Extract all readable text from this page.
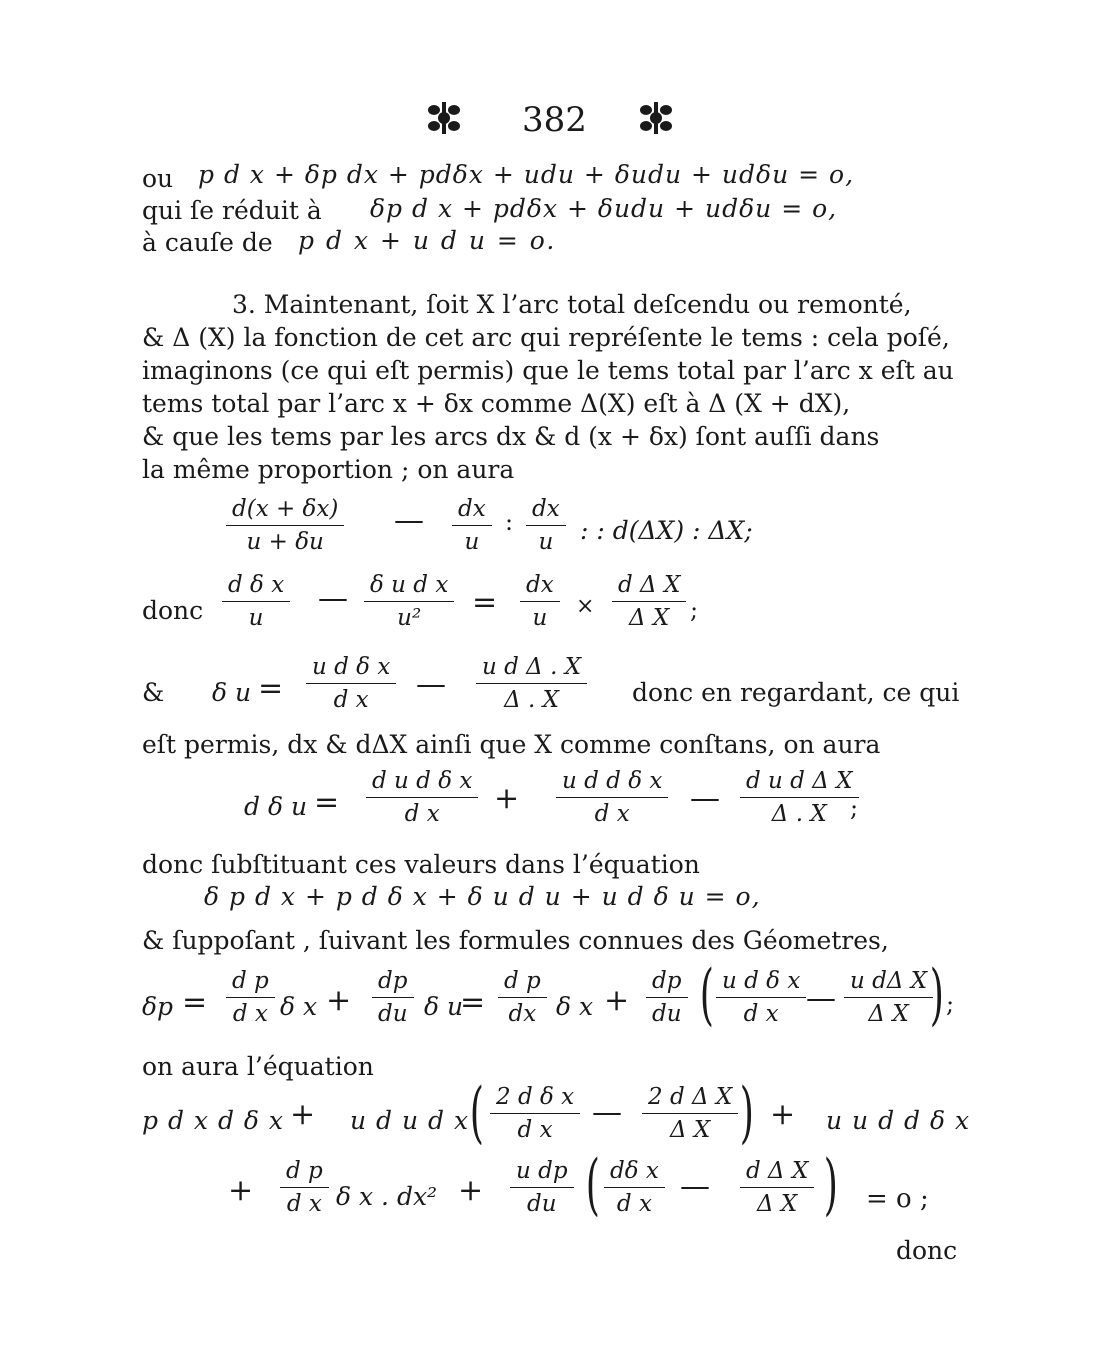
382
ou p d x + δp dx + pdδx + udu + δudu + udδu = o,
qui ſe réduit à δp d x + pdδx + δudu + udδu = o,
à cauſe de p d x + u d u = o.
3. Maintenant, ſoit X l’arc total deſcendu ou remonté,
& Δ (X) la fonction de cet arc qui repréſente le tems : cela poſé,
imaginons (ce qui eſt permis) que le tems total par l’arc x eſt au
tems total par l’arc x + δx comme Δ(X) eſt à Δ (X + dX),
& que les tems par les arcs dx & d (x + δx) ſont auſſi dans
la même proportion ; on aura
d(x + δx)
u + δu
— dx
u
: dx
u : : d(ΔX) : ΔX;
donc
d δ x
u
— δ u d x
u² = dx
u ×
d Δ X
Δ X ;
& δ u =
u d δ x
d x — u d Δ . X
Δ . X	donc en regardant, ce qui
eſt permis, dx & dΔX ainſi que X comme conſtans, on aura
d δ u =
d u d δ x
d x + u d d δ x
d x — d u d Δ X
Δ . X ;
donc ſubſtituant ces valeurs dans l’équation
δ p d x + p d δ x + δ u d u + u d δ u = o,
& ſuppoſant , ſuivant les formules connues des Géometres,
δp =
d p
d x δ x +
dp
du δ u
=
d p
dx δ x +
dp
du ( u d δ x
d x — u dΔ X
Δ X ) ;
on aura l’équation
p d x d δ x + u d u d x ( 2 d δ x
d x — 2 d Δ X
Δ X ) + u u d d δ x
+
d p
d x δ x . dx² +
u dp
du ( dδ x
d x — d Δ X
Δ X ) = o ;
donc
